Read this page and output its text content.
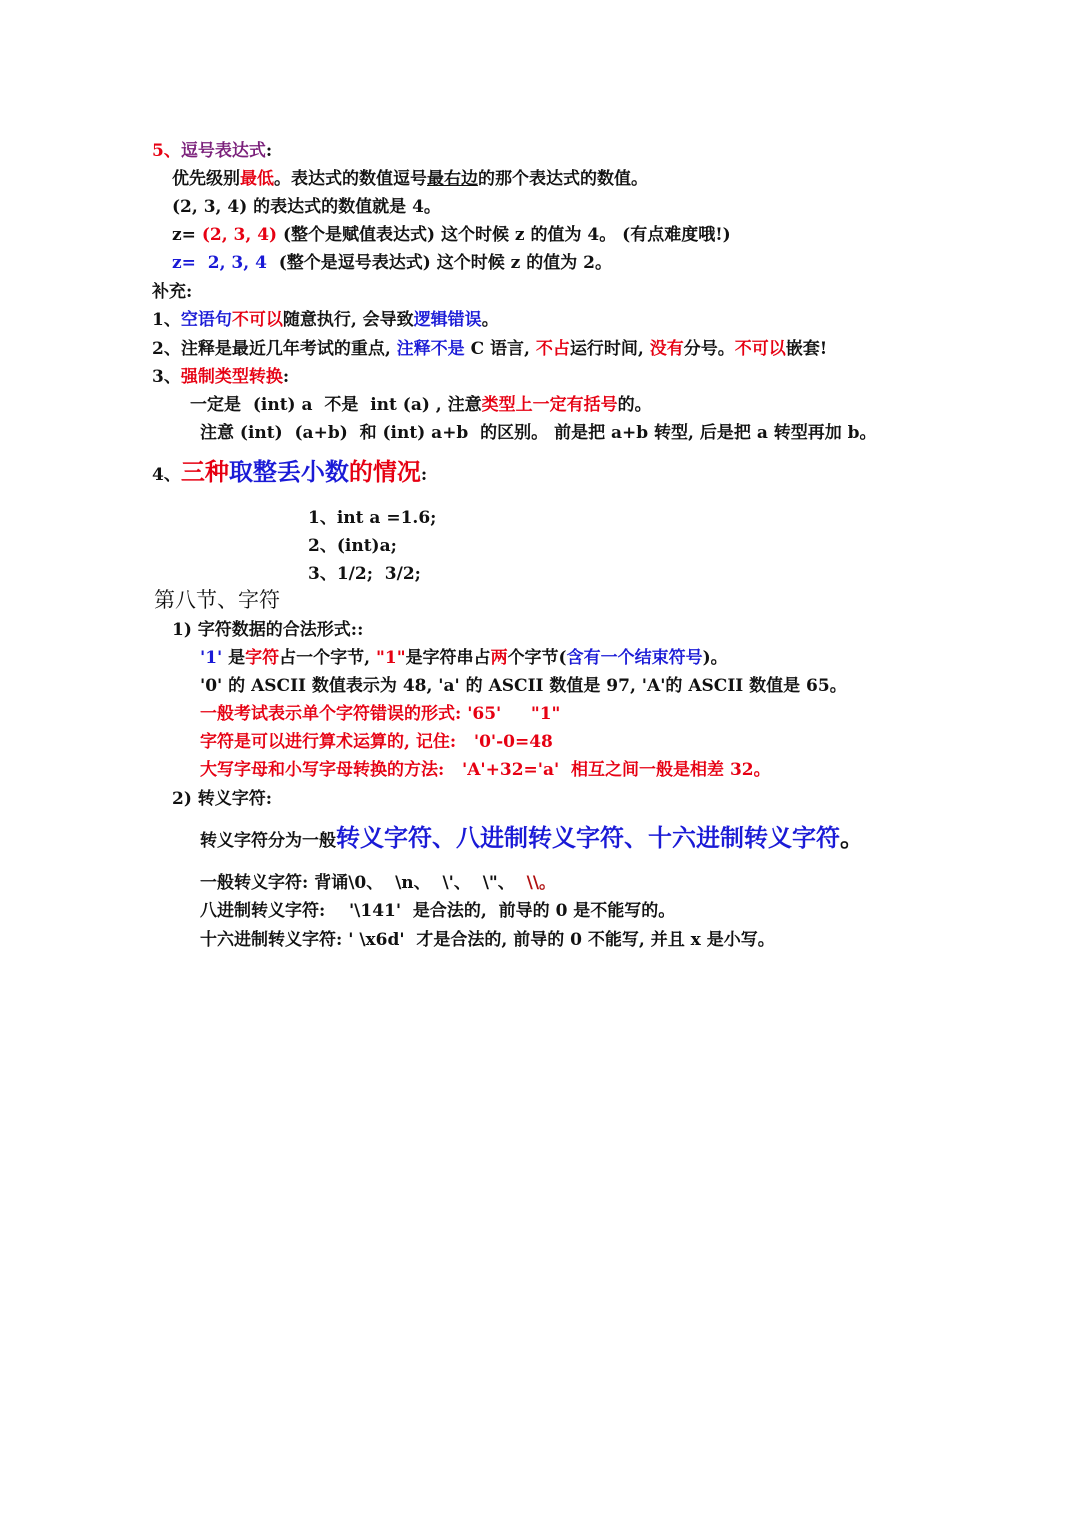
5、逗号表达式:
优先级别最低。表达式的数值逗号最右边的那个表达式的数值。
(2, 3, 4) 的表达式的数值就是 4。
z= (2, 3, 4) (整个是赋值表达式) 这个时候 z 的值为 4。 (有点难度哦!)
z=  2, 3, 4  (整个是逗号表达式) 这个时候 z 的值为 2。
补充:
1、空语句不可以随意执行, 会导致逻辑错误。
2、注释是最近几年考试的重点, 注释不是 C 语言, 不占运行时间, 没有分号。不可以嵌套!
3、强制类型转换:
一定是  (int) a  不是  int (a) , 注意类型上一定有括号的。
注意 (int)  (a+b)  和 (int) a+b  的区别。 前是把 a+b 转型, 后是把 a 转型再加 b。
4、三种取整丢小数的情况:
1、int a =1.6;
2、(int)a;
3、1/2;  3/2;
第八节、字符
1) 字符数据的合法形式::
'1' 是字符占一个字节, "1"是字符串占两个字节(含有一个结束符号)。
'0' 的 ASCII 数值表示为 48, 'a' 的 ASCII 数值是 97, 'A'的 ASCII 数值是 65。
一般考试表示单个字符错误的形式: '65'     "1"
字符是可以进行算术运算的, 记住:   '0'-0=48
大写字母和小写字母转换的方法:   'A'+32='a'  相互之间一般是相差 32。
2) 转义字符:
转义字符分为一般转义字符、八进制转义字符、十六进制转义字符。
一般转义字符: 背诵\0、  \n、  \'、  \"、  \\。
八进制转义字符:    '\141'  是合法的,  前导的 0 是不能写的。
十六进制转义字符: ' \x6d'  才是合法的, 前导的 0 不能写, 并且 x 是小写。
